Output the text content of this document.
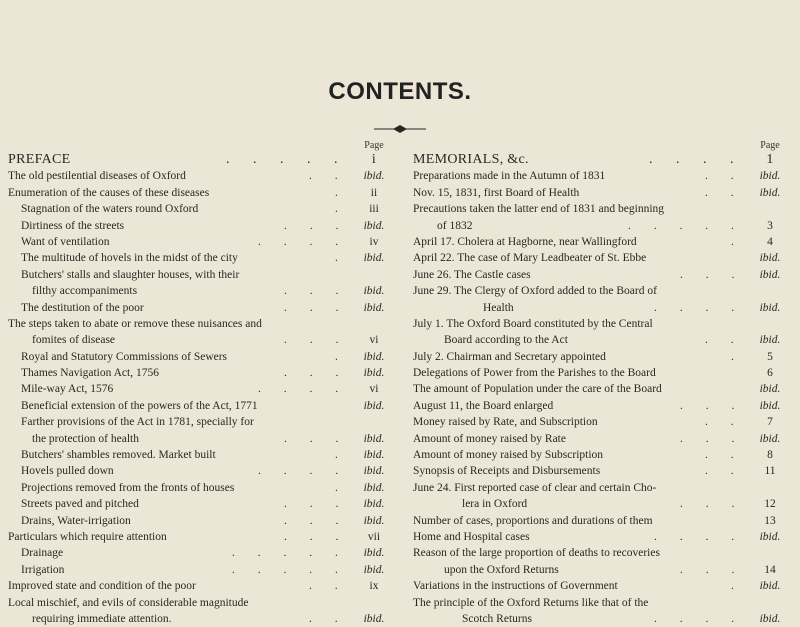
CONTENTS.
Page
PREFACE	. . . . .	i
The old pestilential diseases of Oxford	. .	ibid.
Enumeration of the causes of these diseases	.	ii
Stagnation of the waters round Oxford	.	iii
Dirtiness of the streets	. . .	ibid.
Want of ventilation	. . . .	iv
The multitude of hovels in the midst of the city	.	ibid.
Butchers' stalls and slaughter houses, with their
filthy accompaniments	. . .	ibid.
The destitution of the poor	. . .	ibid.
The steps taken to abate or remove these nuisances and
fomites of disease	. . .	vi
Royal and Statutory Commissions of Sewers	.	ibid.
Thames Navigation Act, 1756	. . .	ibid.
Mile-way Act, 1576	. . . .	vi
Beneficial extension of the powers of the Act, 1771	ibid.
Farther provisions of the Act in 1781, specially for
the protection of health	. . .	ibid.
Butchers' shambles removed. Market built	.	ibid.
Hovels pulled down	. . . .	ibid.
Projections removed from the fronts of houses	.	ibid.
Streets paved and pitched	. . .	ibid.
Drains, Water-irrigation	. . .	ibid.
Particulars which require attention	. . .	vii
Drainage	. . . . .	ibid.
Irrigation	. . . . .	ibid.
Improved state and condition of the poor	. .	ix
Local mischief, and evils of considerable magnitude
requiring immediate attention.	. .	ibid.
Page
MEMORIALS, &c.	. . . .	1
Preparations made in the Autumn of 1831	. .	ibid.
Nov. 15, 1831, first Board of Health	. .	ibid.
Precautions taken the latter end of 1831 and beginning
of 1832	. . . . .	3
April 17. Cholera at Hagborne, near Wallingford	.	4
April 22. The case of Mary Leadbeater of St. Ebbe	ibid.
June 26. The Castle cases	. . .	ibid.
June 29. The Clergy of Oxford added to the Board of
Health	. . . .	ibid.
July 1. The Oxford Board constituted by the Central
Board according to the Act	. .	ibid.
July 2. Chairman and Secretary appointed	.	5
Delegations of Power from the Parishes to the Board	6
The amount of Population under the care of the Board	ibid.
August 11, the Board enlarged	. . .	ibid.
Money raised by Rate, and Subscription	. .	7
Amount of money raised by Rate	. . .	ibid.
Amount of money raised by Subscription	. .	8
Synopsis of Receipts and Disbursements	. .	11
June 24. First reported case of clear and certain Cho-
lera in Oxford	. . .	12
Number of cases, proportions and durations of them	13
Home and Hospital cases	. . . .	ibid.
Reason of the large proportion of deaths to recoveries
upon the Oxford Returns	. . .	14
Variations in the instructions of Government	.	ibid.
The principle of the Oxford Returns like that of the
Scotch Returns	. . . .	ibid.
